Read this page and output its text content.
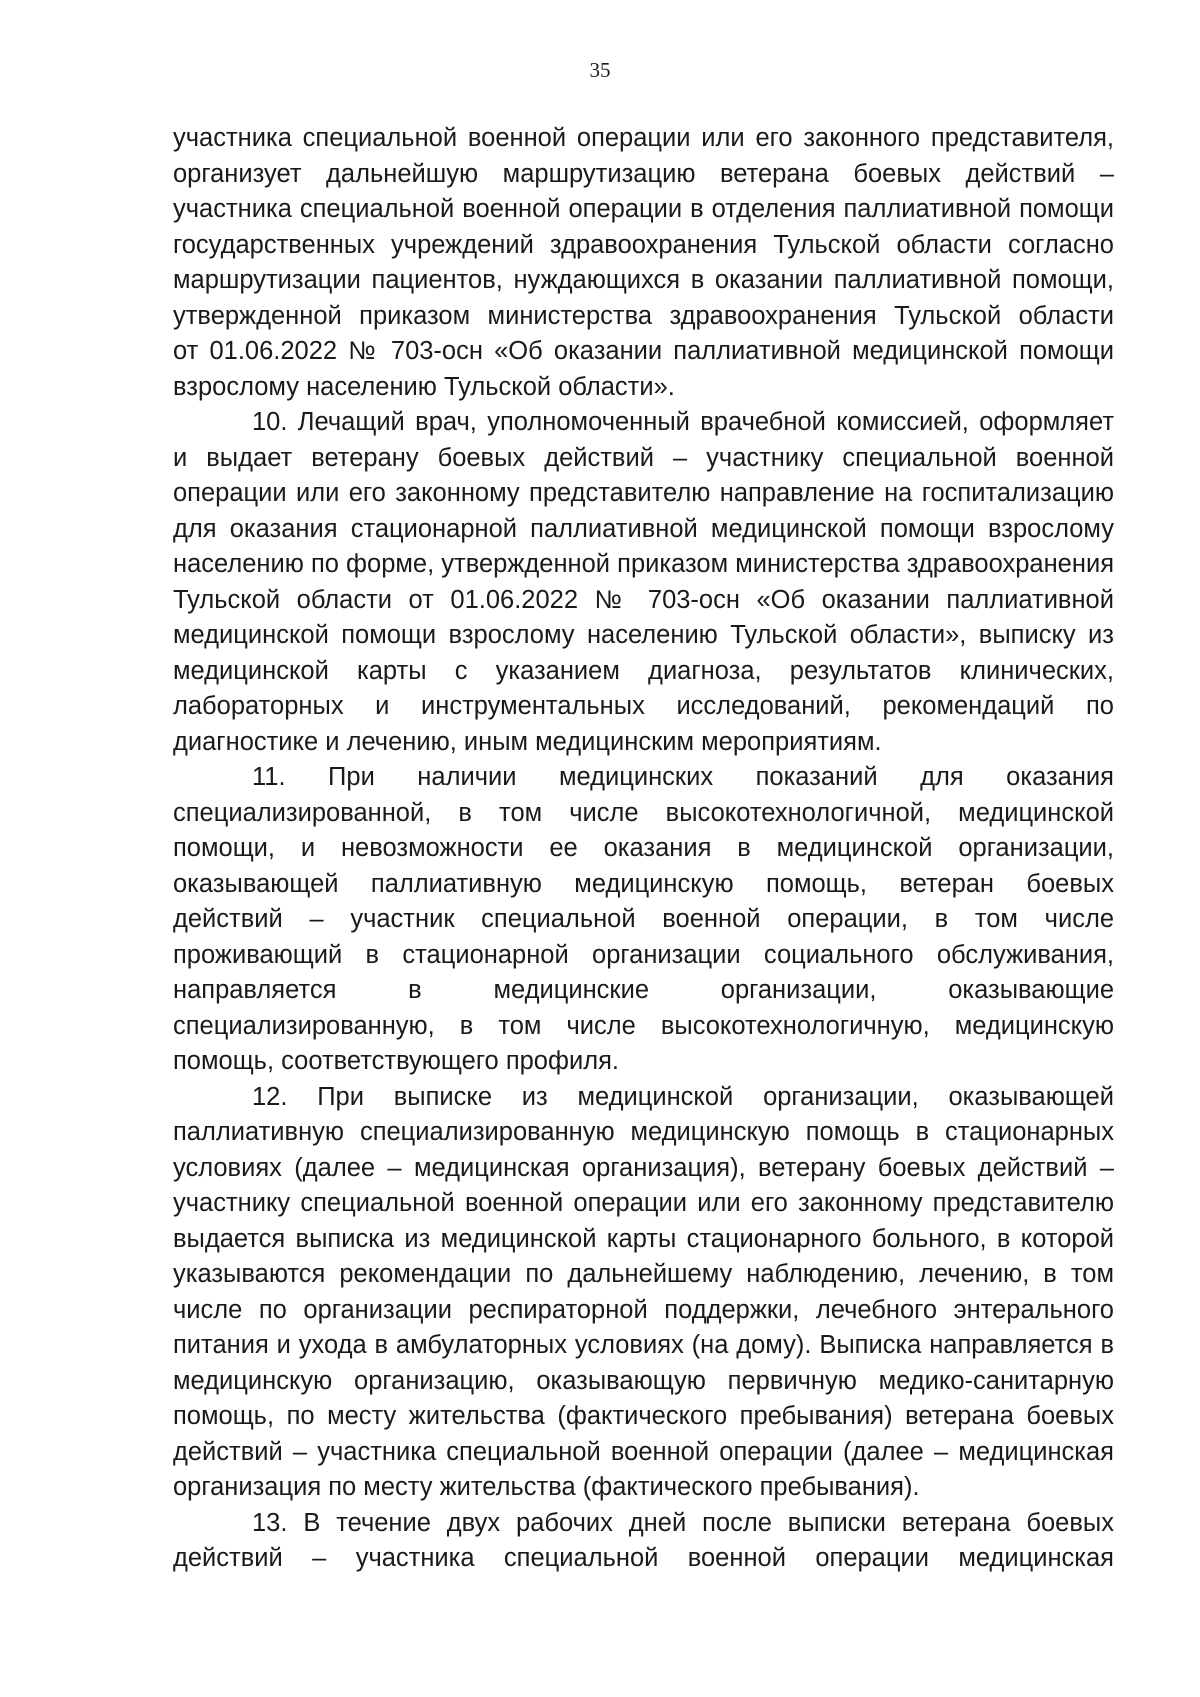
35
участника специальной военной операции или его законного представителя,
организует дальнейшую маршрутизацию ветерана боевых действий –
участника специальной военной операции в отделения паллиативной помощи
государственных учреждений здравоохранения Тульской области согласно
маршрутизации пациентов, нуждающихся в оказании паллиативной помощи,
утвержденной приказом министерства здравоохранения Тульской области
от 01.06.2022 № 703-осн «Об оказании паллиативной медицинской помощи
взрослому населению Тульской области».
10. Лечащий врач, уполномоченный врачебной комиссией, оформляет
и выдает ветерану боевых действий – участнику специальной военной
операции или его законному представителю направление на госпитализацию
для оказания стационарной паллиативной медицинской помощи взрослому
населению по форме, утвержденной приказом министерства здравоохранения
Тульской области от 01.06.2022 № 703-осн «Об оказании паллиативной
медицинской помощи взрослому населению Тульской области», выписку из
медицинской карты с указанием диагноза, результатов клинических,
лабораторных и инструментальных исследований, рекомендаций по
диагностике и лечению, иным медицинским мероприятиям.
11. При наличии медицинских показаний для оказания
специализированной, в том числе высокотехнологичной, медицинской
помощи, и невозможности ее оказания в медицинской организации,
оказывающей паллиативную медицинскую помощь, ветеран боевых
действий – участник специальной военной операции, в том числе
проживающий в стационарной организации социального обслуживания,
направляется в медицинские организации, оказывающие
специализированную, в том числе высокотехнологичную, медицинскую
помощь, соответствующего профиля.
12. При выписке из медицинской организации, оказывающей
паллиативную специализированную медицинскую помощь в стационарных
условиях (далее – медицинская организация), ветерану боевых действий –
участнику специальной военной операции или его законному представителю
выдается выписка из медицинской карты стационарного больного, в которой
указываются рекомендации по дальнейшему наблюдению, лечению, в том
числе по организации респираторной поддержки, лечебного энтерального
питания и ухода в амбулаторных условиях (на дому). Выписка направляется в
медицинскую организацию, оказывающую первичную медико-санитарную
помощь, по месту жительства (фактического пребывания) ветерана боевых
действий – участника специальной военной операции (далее – медицинская
организация по месту жительства (фактического пребывания).
13. В течение двух рабочих дней после выписки ветерана боевых
действий – участника специальной военной операции медицинская
